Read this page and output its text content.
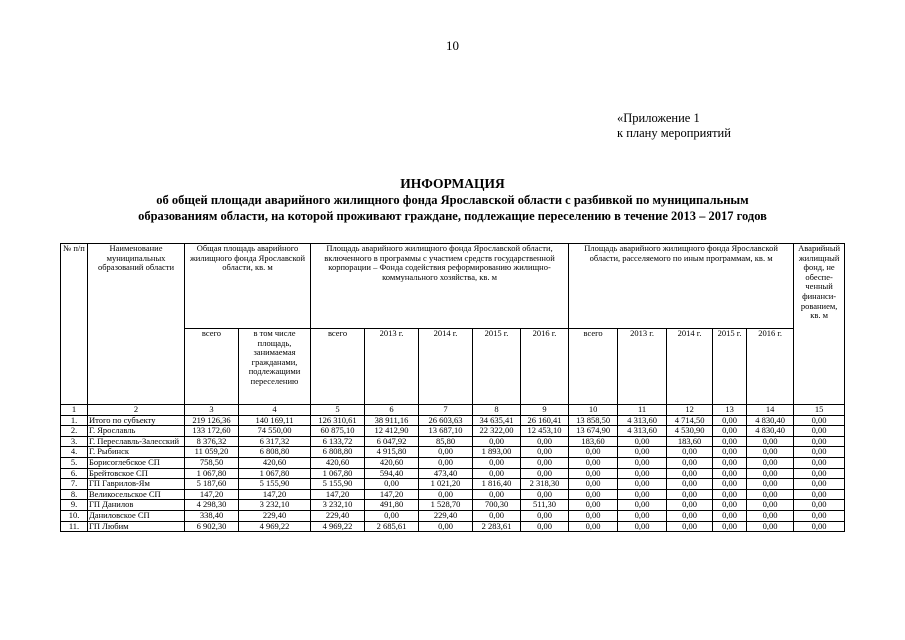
10
«Приложение 1
к плану мероприятий
ИНФОРМАЦИЯ
об общей площади аварийного жилищного фонда Ярославской области с разбивкой по муниципальным
образованиям области, на которой проживают граждане, подлежащие переселению в течение 2013 – 2017 годов
№ п/п	Наименование муниципальных образований области	Общая площадь аварийного жилищного фонда Ярославской области, кв. м		Площадь аварийного жилищного фонда Ярославской области, включенного в программы с участием средств государственной корпорации – Фонда содействия реформированию жилищно-коммунального хозяйства, кв. м					Площадь аварийного жилищного фонда Ярославской области, расселяемого по иным программам, кв. м					Аварийный жилищный фонд, не обеспе-ченный финанси-рованием, кв. м
		всего	в том числе площадь, занимаемая гражданами, подлежащими переселению	всего	2013 г.	2014 г.	2015 г.	2016 г.	всего	2013 г.	2014 г.	2015 г.	2016 г.	
1	2	3	4	5	6	7	8	9	10	11	12	13	14	15
1.	Итого по субъекту	219 126,36	140 169,11	126 310,61	38 911,16	26 603,63	34 635,41	26 160,41	13 858,50	4 313,60	4 714,50	0,00	4 830,40	0,00
2.	Г. Ярославль	133 172,60	74 550,00	60 875,10	12 412,90	13 687,10	22 322,00	12 453,10	13 674,90	4 313,60	4 530,90	0,00	4 830,40	0,00
3.	Г. Переславль-Залесский	8 376,32	6 317,32	6 133,72	6 047,92	85,80	0,00	0,00	183,60	0,00	183,60	0,00	0,00	0,00
4.	Г. Рыбинск	11 059,20	6 808,80	6 808,80	4 915,80	0,00	1 893,00	0,00	0,00	0,00	0,00	0,00	0,00	0,00
5.	Борисоглебское СП	758,50	420,60	420,60	420,60	0,00	0,00	0,00	0,00	0,00	0,00	0,00	0,00	0,00
6.	Брейтовское СП	1 067,80	1 067,80	1 067,80	594,40	473,40	0,00	0,00	0,00	0,00	0,00	0,00	0,00	0,00
7.	ГП Гаврилов-Ям	5 187,60	5 155,90	5 155,90	0,00	1 021,20	1 816,40	2 318,30	0,00	0,00	0,00	0,00	0,00	0,00
8.	Великосельское СП	147,20	147,20	147,20	147,20	0,00	0,00	0,00	0,00	0,00	0,00	0,00	0,00	0,00
9.	ГП Данилов	4 298,30	3 232,10	3 232,10	491,80	1 528,70	700,30	511,30	0,00	0,00	0,00	0,00	0,00	0,00
10.	Даниловское СП	338,40	229,40	229,40	0,00	229,40	0,00	0,00	0,00	0,00	0,00	0,00	0,00	0,00
11.	ГП Любим	6 902,30	4 969,22	4 969,22	2 685,61	0,00	2 283,61	0,00	0,00	0,00	0,00	0,00	0,00	0,00
